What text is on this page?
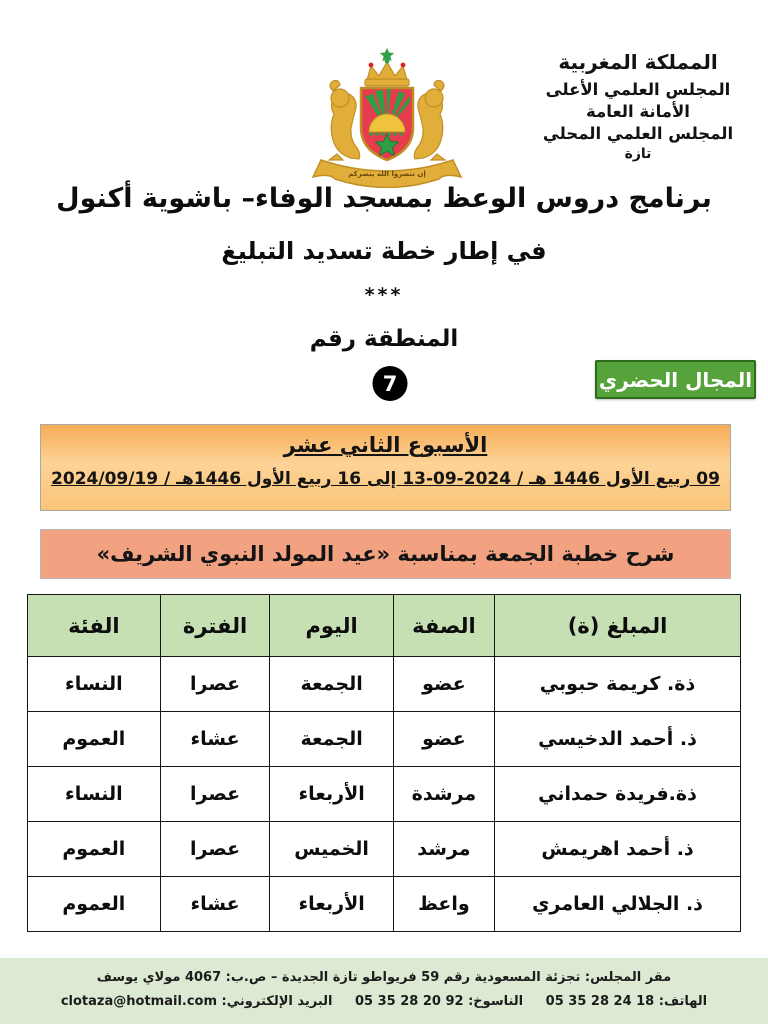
إن تنصروا الله ينصركم
المملكة المغربية
المجلس العلمي الأعلى
الأمانة العامة
المجلس العلمي المحلي
تازة
برنامج دروس الوعظ بمسجد الوفاء– باشوية أكنول
في إطار خطة تسديد التبليغ
***
المنطقة رقم
7	المجال الحضري
الأسبوع الثاني عشر
09 ربيع الأول 1446 هـ / 13-09-2024 إلى 16 ربيع الأول 1446هـ / 2024/09/19
شرح خطبة الجمعة بمناسبة «عيد المولد النبوي الشريف»
المبلغ (ة)	الصفة	اليوم	الفترة	الفئة
ذة. كريمة حبوبي	عضو	الجمعة	عصرا	النساء
ذ. أحمد الدخيسي	عضو	الجمعة	عشاء	العموم
ذة.فريدة حمداني	مرشدة	الأربعاء	عصرا	النساء
ذ. أحمد اهريمش	مرشد	الخميس	عصرا	العموم
ذ. الجلالي العامري	واعظ	الأربعاء	عشاء	العموم
مقر المجلس: تجزئة المسعودية رقم 59 فريواطو تازة الجديدة – ص.ب: 4067 مولاي يوسف
الهاتف: 05 35 28 24 18 الناسوخ: 05 35 28 20 92 البريد الإلكتروني: clotaza@hotmail.com
